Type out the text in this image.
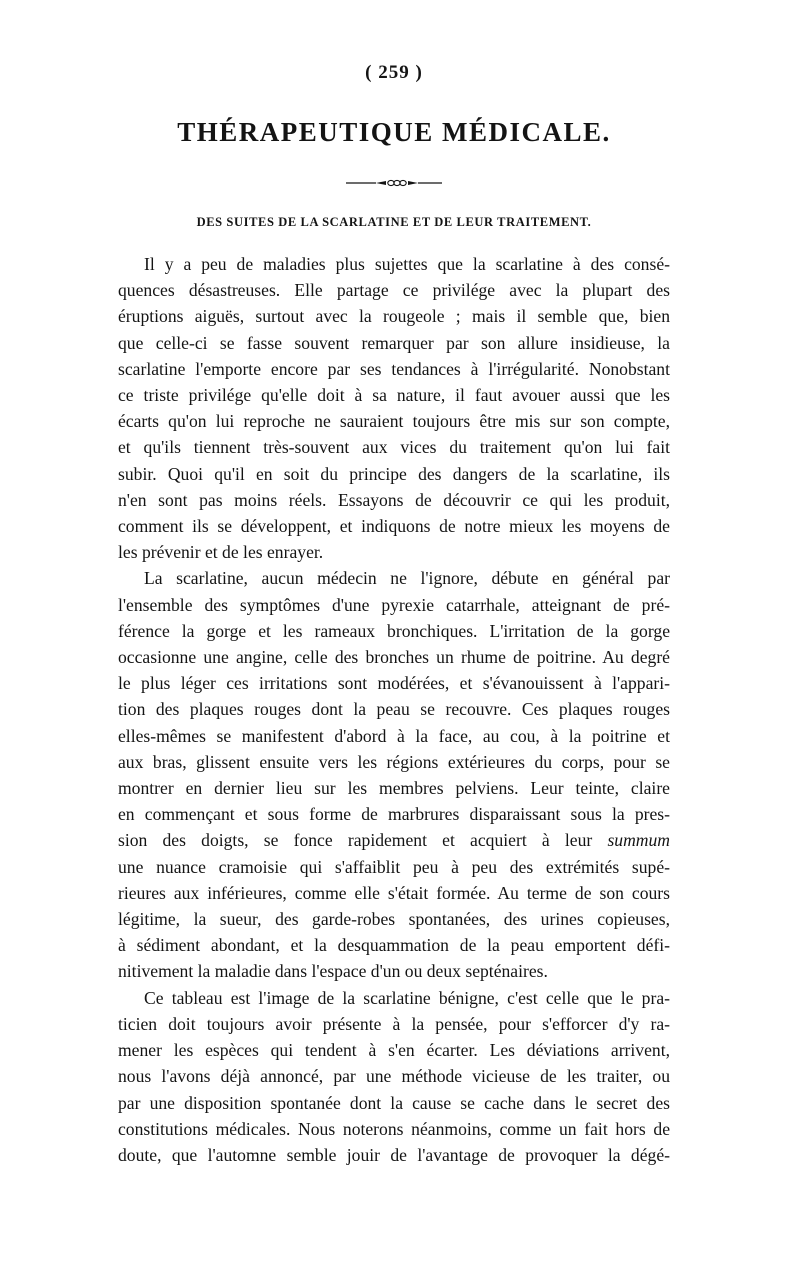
( 259 )
THÉRAPEUTIQUE MÉDICALE.
DES SUITES DE LA SCARLATINE ET DE LEUR TRAITEMENT.

Il y a peu de maladies plus sujettes que la scarlatine à des consé-
quences désastreuses. Elle partage ce privilége avec la plupart des
éruptions aiguës, surtout avec la rougeole ; mais il semble que, bien
que celle-ci se fasse souvent remarquer par son allure insidieuse, la
scarlatine l'emporte encore par ses tendances à l'irrégularité. Nonobstant
ce triste privilége qu'elle doit à sa nature, il faut avouer aussi que les
écarts qu'on lui reproche ne sauraient toujours être mis sur son compte,
et qu'ils tiennent très-souvent aux vices du traitement qu'on lui fait
subir. Quoi qu'il en soit du principe des dangers de la scarlatine, ils
n'en sont pas moins réels. Essayons de découvrir ce qui les produit,
comment ils se développent, et indiquons de notre mieux les moyens de
les prévenir et de les enrayer.

La scarlatine, aucun médecin ne l'ignore, débute en général par
l'ensemble des symptômes d'une pyrexie catarrhale, atteignant de pré-
férence la gorge et les rameaux bronchiques. L'irritation de la gorge
occasionne une angine, celle des bronches un rhume de poitrine. Au degré
le plus léger ces irritations sont modérées, et s'évanouissent à l'appari-
tion des plaques rouges dont la peau se recouvre. Ces plaques rouges
elles-mêmes se manifestent d'abord à la face, au cou, à la poitrine et
aux bras, glissent ensuite vers les régions extérieures du corps, pour se
montrer en dernier lieu sur les membres pelviens. Leur teinte, claire
en commençant et sous forme de marbrures disparaissant sous la pres-
sion des doigts, se fonce rapidement et acquiert à leur summum
une nuance cramoisie qui s'affaiblit peu à peu des extrémités supé-
rieures aux inférieures, comme elle s'était formée. Au terme de son cours
légitime, la sueur, des garde-robes spontanées, des urines copieuses,
à sédiment abondant, et la desquammation de la peau emportent défi-
nitivement la maladie dans l'espace d'un ou deux septénaires.

Ce tableau est l'image de la scarlatine bénigne, c'est celle que le pra-
ticien doit toujours avoir présente à la pensée, pour s'efforcer d'y ra-
mener les espèces qui tendent à s'en écarter. Les déviations arrivent,
nous l'avons déjà annoncé, par une méthode vicieuse de les traiter, ou
par une disposition spontanée dont la cause se cache dans le secret des
constitutions médicales. Nous noterons néanmoins, comme un fait hors de
doute, que l'automne semble jouir de l'avantage de provoquer la dégé-
